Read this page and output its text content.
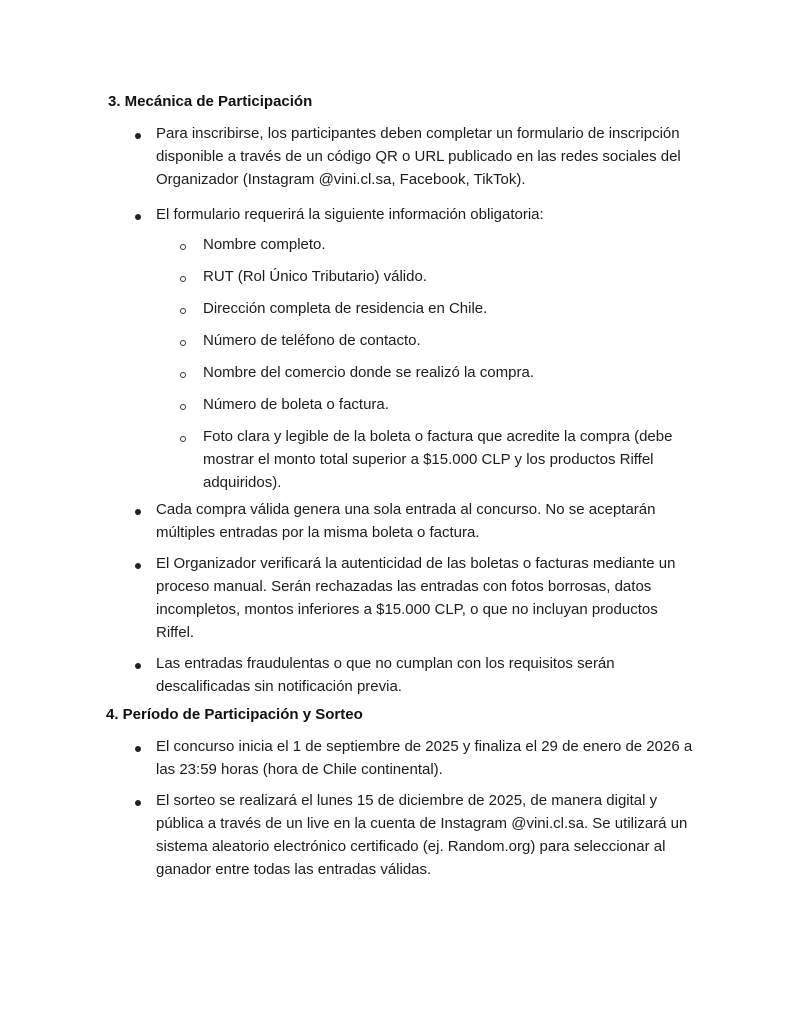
3. Mecánica de Participación
Para inscribirse, los participantes deben completar un formulario de inscripción disponible a través de un código QR o URL publicado en las redes sociales del Organizador (Instagram @vini.cl.sa, Facebook, TikTok).
El formulario requerirá la siguiente información obligatoria:
Nombre completo.
RUT (Rol Único Tributario) válido.
Dirección completa de residencia en Chile.
Número de teléfono de contacto.
Nombre del comercio donde se realizó la compra.
Número de boleta o factura.
Foto clara y legible de la boleta o factura que acredite la compra (debe mostrar el monto total superior a $15.000 CLP y los productos Riffel adquiridos).
Cada compra válida genera una sola entrada al concurso. No se aceptarán múltiples entradas por la misma boleta o factura.
El Organizador verificará la autenticidad de las boletas o facturas mediante un proceso manual. Serán rechazadas las entradas con fotos borrosas, datos incompletos, montos inferiores a $15.000 CLP, o que no incluyan productos Riffel.
Las entradas fraudulentas o que no cumplan con los requisitos serán descalificadas sin notificación previa.
4. Período de Participación y Sorteo
El concurso inicia el 1 de septiembre de 2025 y finaliza el 29 de enero de 2026 a las 23:59 horas (hora de Chile continental).
El sorteo se realizará el lunes 15 de diciembre de 2025, de manera digital y pública a través de un live en la cuenta de Instagram @vini.cl.sa. Se utilizará un sistema aleatorio electrónico certificado (ej. Random.org) para seleccionar al ganador entre todas las entradas válidas.
